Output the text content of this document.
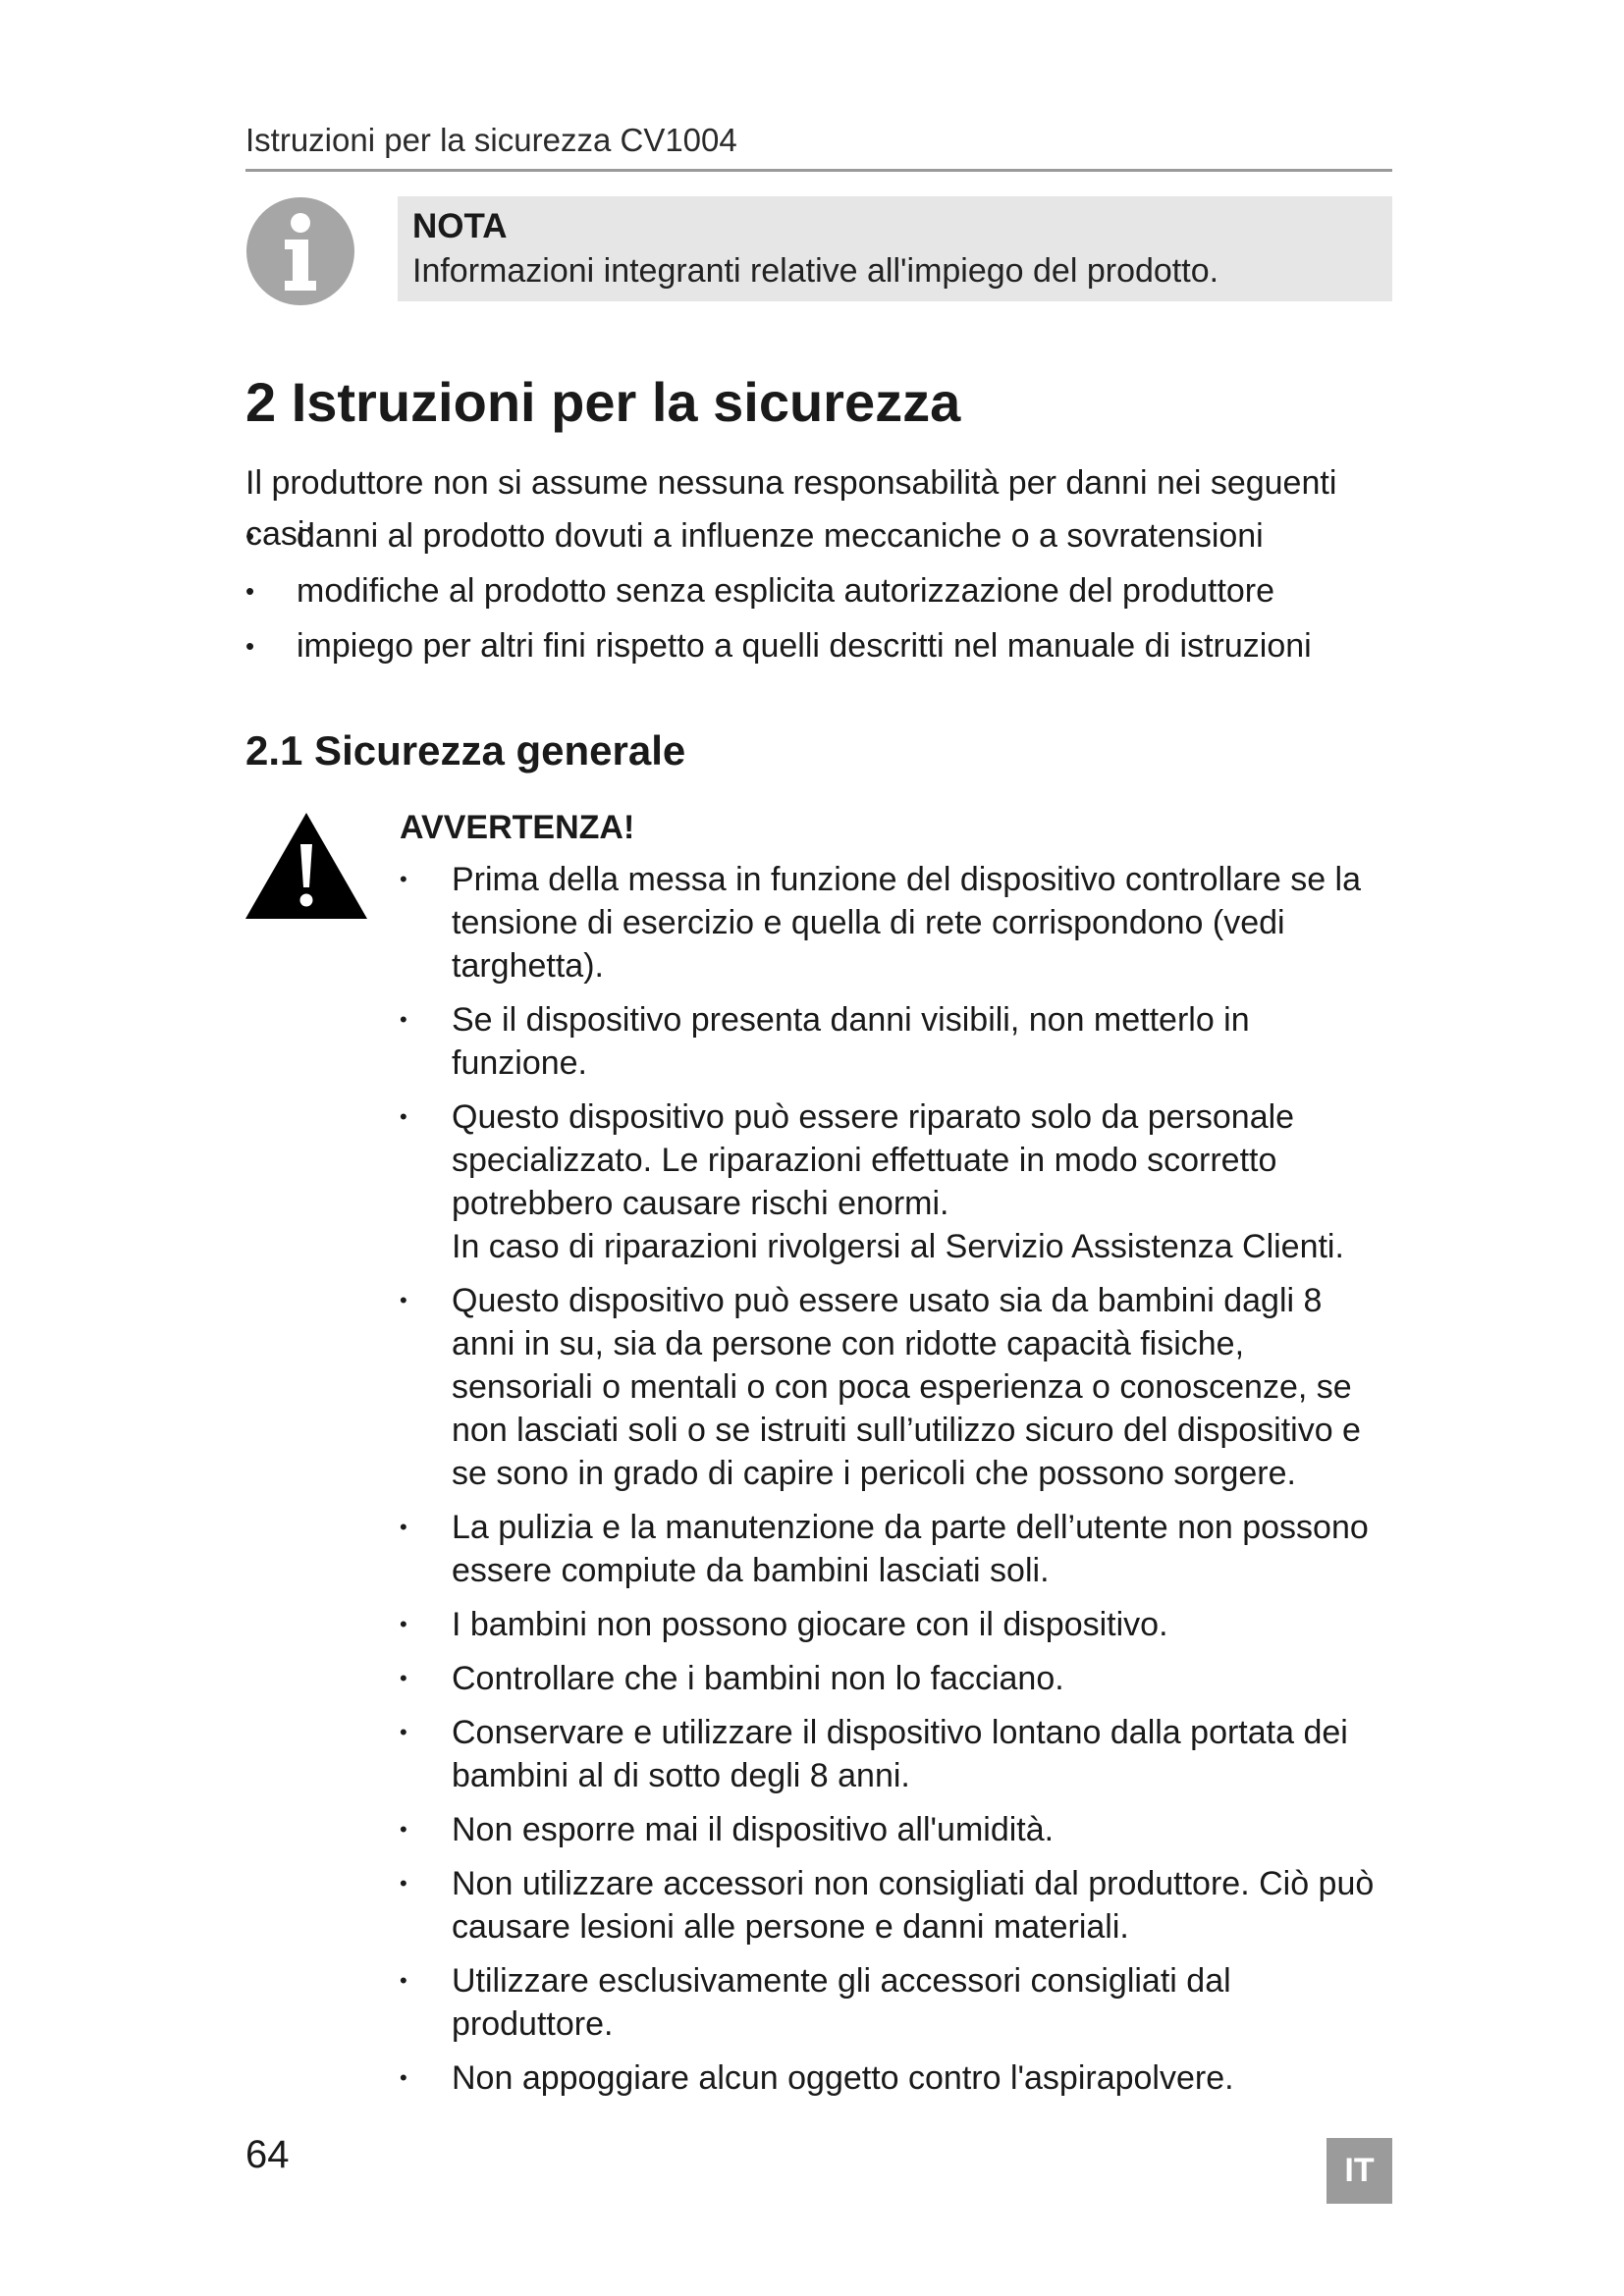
Istruzioni per la sicurezza CV1004
NOTA
Informazioni integranti relative all'impiego del prodotto.
2 Istruzioni per la sicurezza

Il produttore non si assume nessuna responsabilità per danni nei seguenti casi:

• danni al prodotto dovuti a influenze meccaniche o a sovratensioni
• modifiche al prodotto senza esplicita autorizzazione del produttore
• impiego per altri fini rispetto a quelli descritti nel manuale di istruzioni
2.1 Sicurezza generale
AVVERTENZA!
• Prima della messa in funzione del dispositivo controllare se la tensione di esercizio e quella di rete corrispondono (vedi targhetta).
• Se il dispositivo presenta danni visibili, non metterlo in funzione.
• Questo dispositivo può essere riparato solo da personale specializzato. Le riparazioni effettuate in modo scorretto potrebbero causare rischi enormi.
In caso di riparazioni rivolgersi al Servizio Assistenza Clienti.
• Questo dispositivo può essere usato sia da bambini dagli 8 anni in su, sia da persone con ridotte capacità fisiche, sensoriali o mentali o con poca esperienza o conoscenze, se non lasciati soli o se istruiti sull’utilizzo sicuro del dispositivo e se sono in grado di capire i pericoli che possono sorgere.
• La pulizia e la manutenzione da parte dell’utente non possono essere compiute da bambini lasciati soli.
• I bambini non possono giocare con il dispositivo.
• Controllare che i bambini non lo facciano.
• Conservare e utilizzare il dispositivo lontano dalla portata dei bambini al di sotto degli 8 anni.
• Non esporre mai il dispositivo all'umidità.
• Non utilizzare accessori non consigliati dal produttore. Ciò può causare lesioni alle persone e danni materiali.
• Utilizzare esclusivamente gli accessori consigliati dal produttore.
• Non appoggiare alcun oggetto contro l'aspirapolvere.
64	IT
